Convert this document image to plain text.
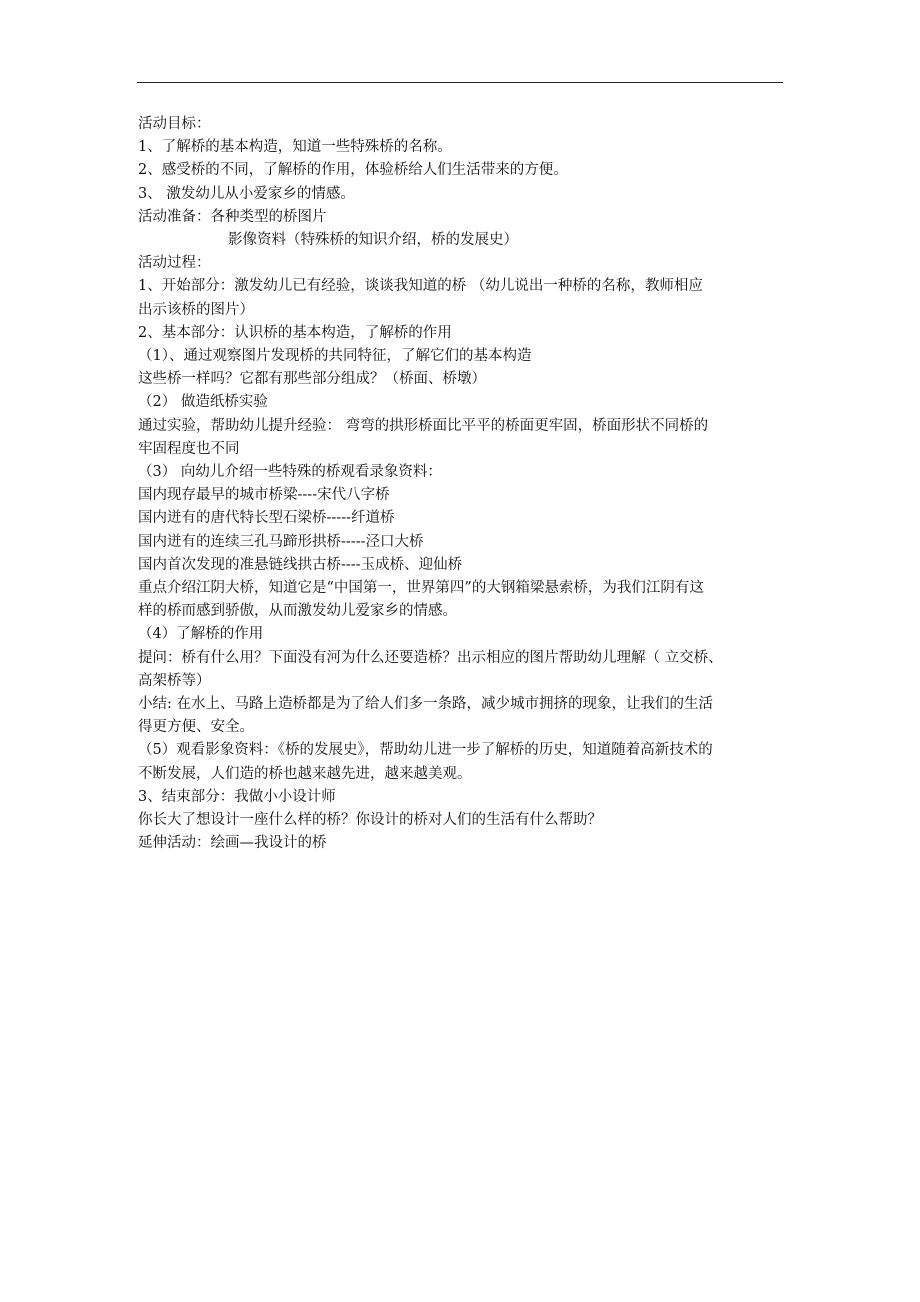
活动目标：
1、了解桥的基本构造，知道一些特殊桥的名称。
2、感受桥的不同，了解桥的作用，体验桥给人们生活带来的方便。
3、 激发幼儿从小爱家乡的情感。
活动准备：各种类型的桥图片
影像资料（特殊桥的知识介绍，桥的发展史）
活动过程：
1、开始部分：激发幼儿已有经验，谈谈我知道的桥 （幼儿说出一种桥的名称，教师相应
出示该桥的图片）
2、基本部分：认识桥的基本构造，了解桥的作用
（1）、通过观察图片发现桥的共同特征，了解它们的基本构造
这些桥一样吗？它都有那些部分组成？（桥面、桥墩）
（2） 做造纸桥实验
通过实验，帮助幼儿提升经验： 弯弯的拱形桥面比平平的桥面更牢固，桥面形状不同桥的
牢固程度也不同
（3） 向幼儿介绍一些特殊的桥观看录象资料：
国内现存最早的城市桥梁----宋代八字桥
国内迸有的唐代特长型石梁桥-----纤道桥
国内迸有的连续三孔马蹄形拱桥-----泾口大桥
国内首次发现的准悬链线拱古桥----玉成桥、迎仙桥
重点介绍江阴大桥，知道它是“中国第一，世界第四”的大钢箱梁悬索桥，为我们江阴有这
样的桥而感到骄傲，从而激发幼儿爱家乡的情感。
（4）了解桥的作用
提问：桥有什么用？下面没有河为什么还要造桥？出示相应的图片帮助幼儿理解（ 立交桥、
高架桥等）
小结: 在水上、马路上造桥都是为了给人们多一条路，减少城市拥挤的现象，让我们的生活
得更方便、安全。
（5）观看影象资料：《桥的发展史》，帮助幼儿进一步了解桥的历史，知道随着高新技术的
不断发展，人们造的桥也越来越先进，越来越美观。
3、结束部分：我做小小设计师
你长大了想设计一座什么样的桥？你设计的桥对人们的生活有什么帮助？
延伸活动：绘画—我设计的桥
